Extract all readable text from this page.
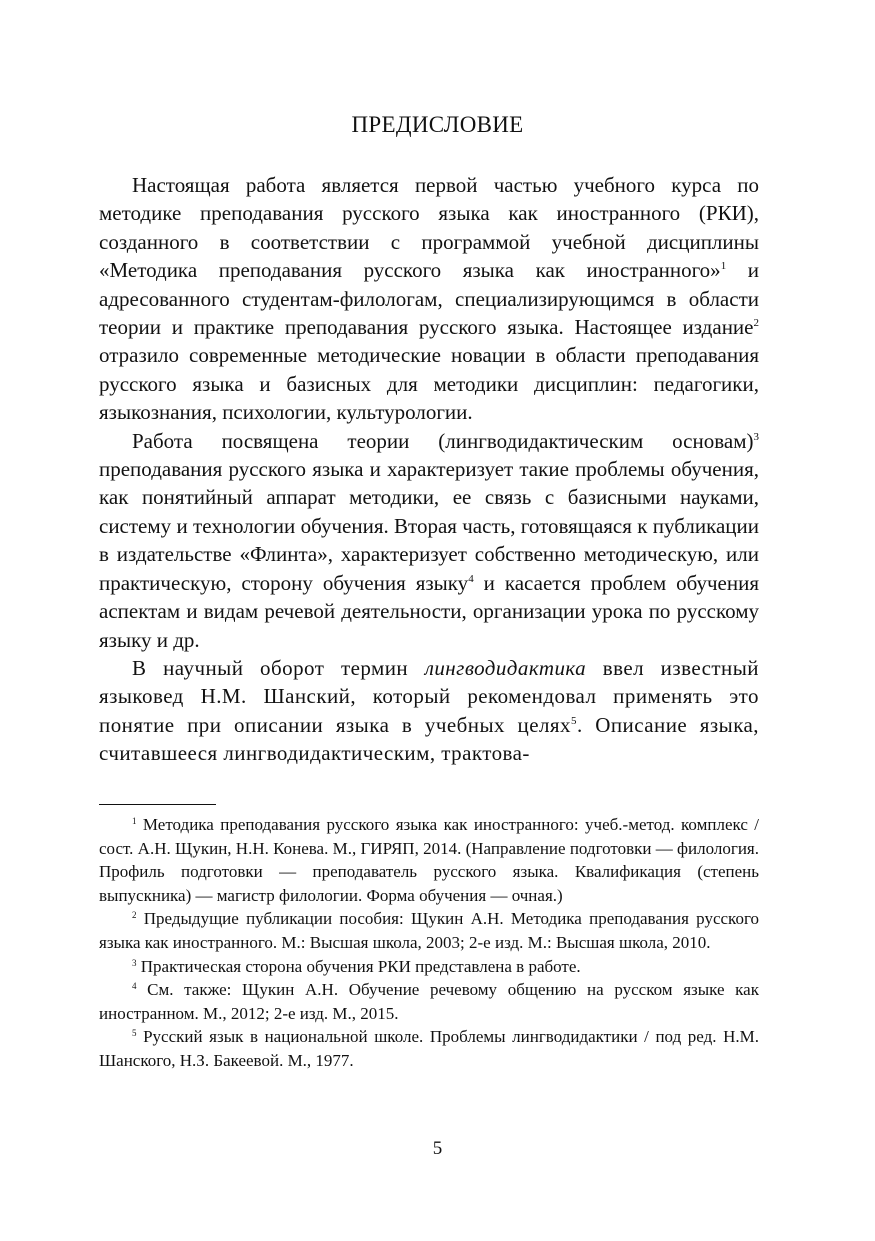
ПРЕДИСЛОВИЕ

Настоящая работа является первой частью учебного курса по методике преподавания русского языка как иностранного (РКИ), созданного в соответствии с программой учебной дисциплины «Методика преподавания русского языка как иностранного»$^1$ и адресованного студентам-филологам, специализирующимся в области теории и практике преподавания русского языка. Настоящее издание$^2$ отразило современные методические новации в области преподавания русского языка и базисных для методики дисциплин: педагогики, языкознания, психологии, культурологии.

Работа посвящена теории (лингводидактическим основам)$^3$ преподавания русского языка и характеризует такие проблемы обучения, как понятийный аппарат методики, ее связь с базисными науками, систему и технологии обучения. Вторая часть, готовящаяся к публикации в издательстве «Флинта», характеризует собственно методическую, или практическую, сторону обучения языку$^4$ и касается проблем обучения аспектам и видам речевой деятельности, организации урока по русскому языку и др.

В научный оборот термин лингводидактика ввел известный языковед Н.М. Шанский, который рекомендовал применять это понятие при описании языка в учебных целях$^5$. Описание языка, считавшееся лингводидактическим, трактова-

$^1$ Методика преподавания русского языка как иностранного: учеб.-метод. комплекс / сост. А.Н. Щукин, Н.Н. Конева. М., ГИРЯП, 2014. (Направление подготовки — филология. Профиль подготовки — преподаватель русского языка. Квалификация (степень выпускника) — магистр филологии. Форма обучения — очная.)

$^2$ Предыдущие публикации пособия: Щукин А.Н. Методика преподавания русского языка как иностранного. М.: Высшая школа, 2003; 2-е изд. М.: Высшая школа, 2010.

$^3$ Практическая сторона обучения РКИ представлена в работе.

$^4$ См. также: Щукин А.Н. Обучение речевому общению на русском языке как иностранном. М., 2012; 2-е изд. М., 2015.

$^5$ Русский язык в национальной школе. Проблемы лингводидактики / под ред. Н.М. Шанского, Н.З. Бакеевой. М., 1977.

5
